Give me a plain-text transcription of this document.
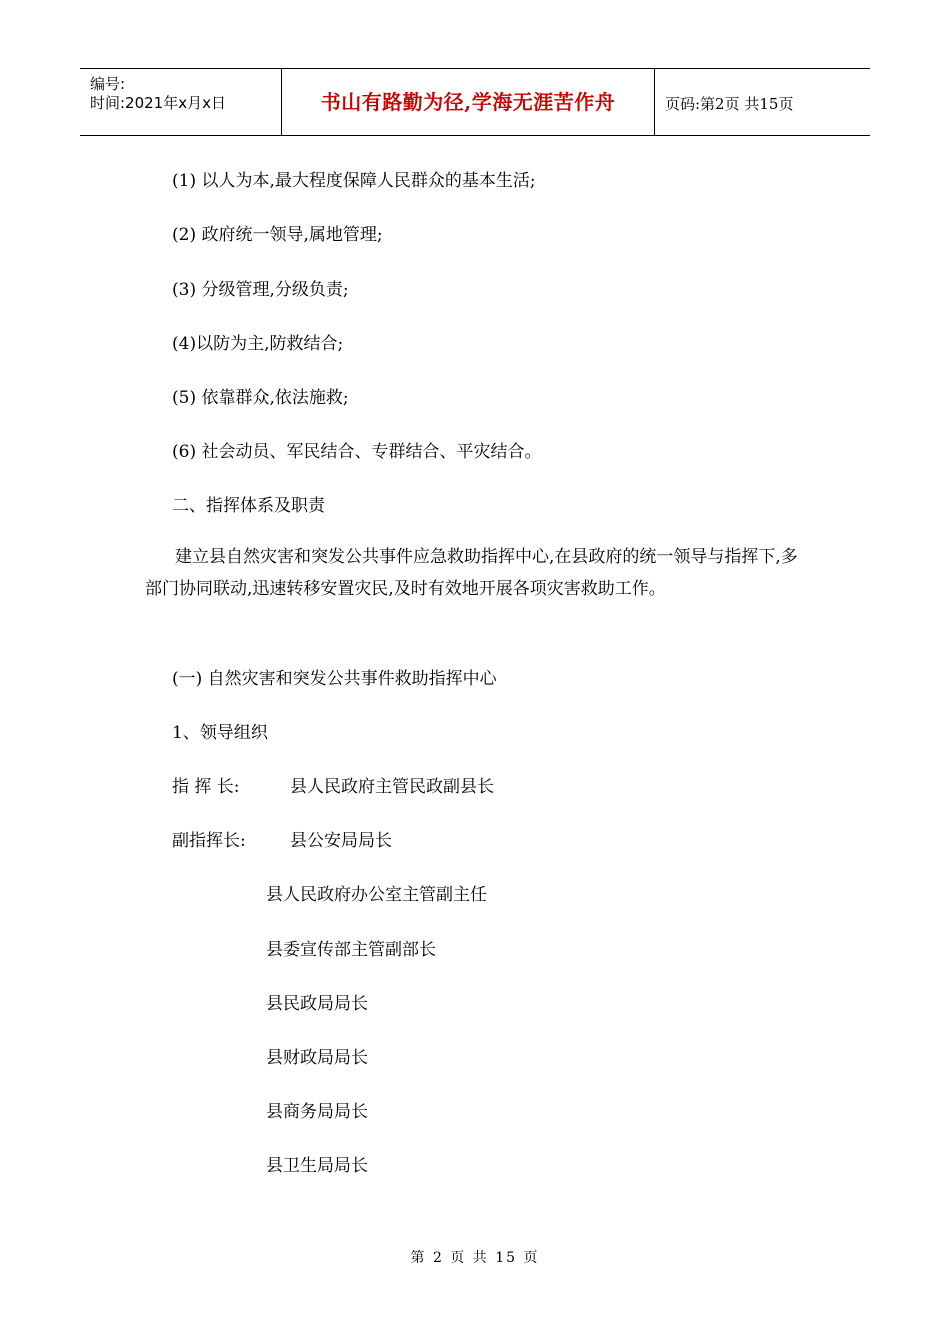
编号:
时间:2021年x月x日	书山有路勤为径,学海无涯苦作舟	页码:第2页 共15页
(1) 以人为本,最大程度保障人民群众的基本生活;
(2) 政府统一领导,属地管理;
(3) 分级管理,分级负责;
(4)以防为主,防救结合;
(5) 依靠群众,依法施救;
(6) 社会动员、军民结合、专群结合、平灾结合。
二、指挥体系及职责
建立县自然灾害和突发公共事件应急救助指挥中心,在县政府的统一领导与指挥下,多部门协同联动,迅速转移安置灾民,及时有效地开展各项灾害救助工作。
(一) 自然灾害和突发公共事件救助指挥中心
1、领导组织
指 挥 长:	县人民政府主管民政副县长
副指挥长:	县公安局局长
县人民政府办公室主管副主任
县委宣传部主管副部长
县民政局局长
县财政局局长
县商务局局长
县卫生局局长
第 2 页 共 15 页
